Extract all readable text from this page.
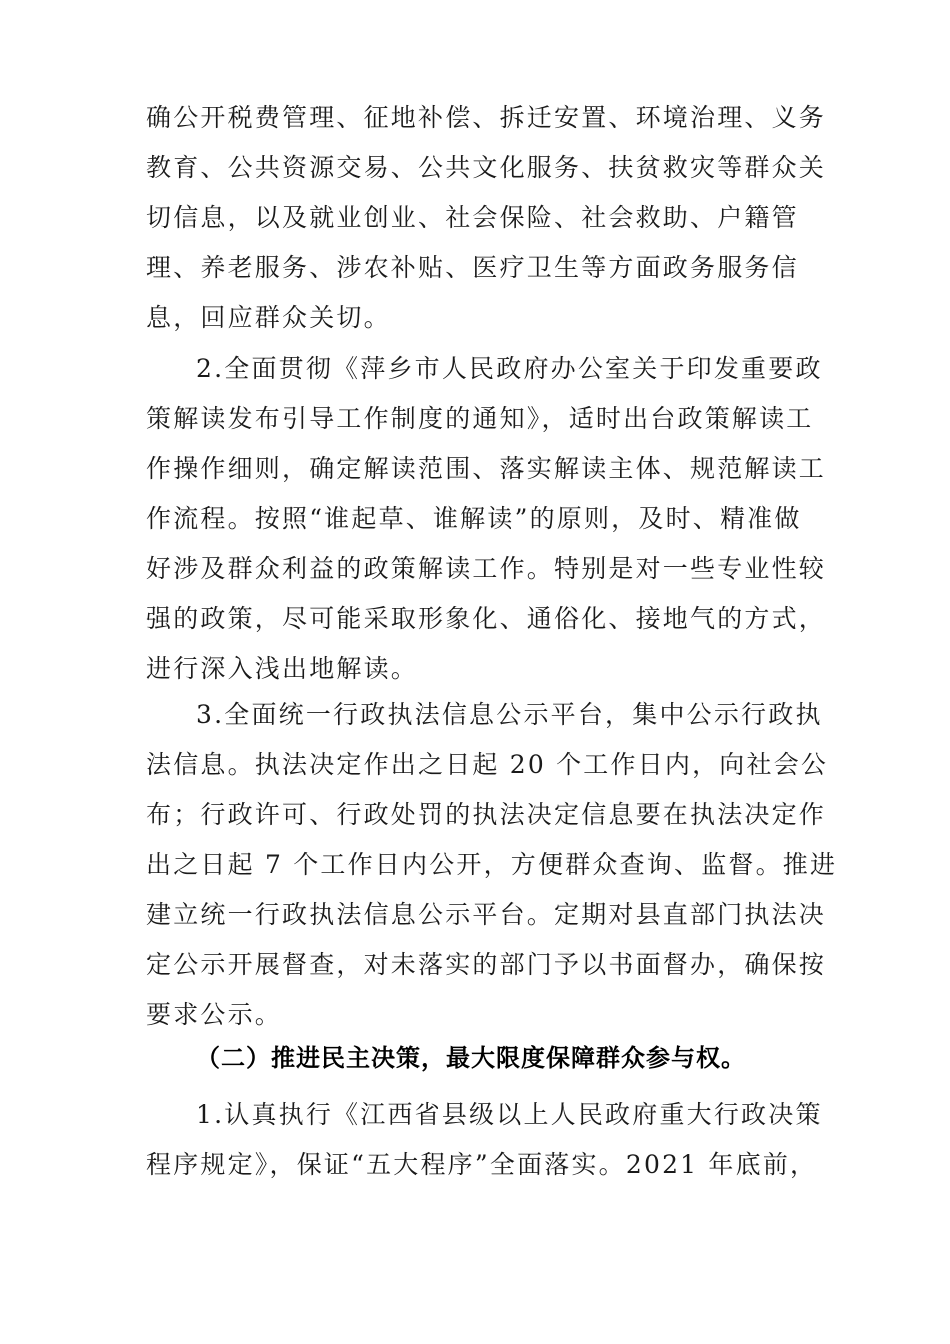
确公开税费管理、征地补偿、拆迁安置、环境治理、义务
教育、公共资源交易、公共文化服务、扶贫救灾等群众关
切信息，以及就业创业、社会保险、社会救助、户籍管
理、养老服务、涉农补贴、医疗卫生等方面政务服务信
息，回应群众关切。
2.全面贯彻《萍乡市人民政府办公室关于印发重要政
策解读发布引导工作制度的通知》，适时出台政策解读工
作操作细则，确定解读范围、落实解读主体、规范解读工
作流程。按照“谁起草、谁解读”的原则，及时、精准做
好涉及群众利益的政策解读工作。特别是对一些专业性较
强的政策，尽可能采取形象化、通俗化、接地气的方式，
进行深入浅出地解读。
3.全面统一行政执法信息公示平台，集中公示行政执
法信息。执法决定作出之日起 20 个工作日内，向社会公
布；行政许可、行政处罚的执法决定信息要在执法决定作
出之日起 7 个工作日内公开，方便群众查询、监督。推进
建立统一行政执法信息公示平台。定期对县直部门执法决
定公示开展督查，对未落实的部门予以书面督办，确保按
要求公示。
（二）推进民主决策，最大限度保障群众参与权。
1.认真执行《江西省县级以上人民政府重大行政决策
程序规定》，保证“五大程序”全面落实。2021 年底前，
